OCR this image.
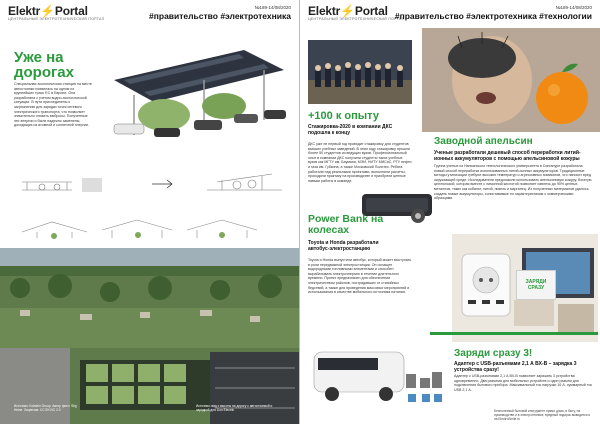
Elektr⚡Portal
ЦЕНТРАЛЬНЫЙ ЭЛЕКТРОТЕХНИЧЕСКИЙ ПОРТАЛ
№189-14/08/2020
#правительство #электротехника
Уже на дорогах
Специальная экологическая станция на месте автостоянки появилась на одном из крупнейших трасс ЕС в Европе. Она разработана с учетом водно-экологической ситуации. В пути присоединены к загрязнению для зарядки точек сетевого электрического транспорта, что позволяет значительно снизить выбросы. Полученные эти энергии и были надежно заменены, доходящих из атомной и солнечной энергии.
Источник: Kolstein Group. Автор фото: Stig Heine. Лицензия: CC BY-NC 2.0
Источник: вид с высоты на дорогу с автостоянкой и зарядкой для Lion Electric
Elektr⚡Portal
ЦЕНТРАЛЬНЫЙ ЭЛЕКТРОТЕХНИЧЕСКИЙ ПОРТАЛ
№189-14/08/2020
#правительство #электротехника #технологии
+100 к опыту
Стажировка-2020 в компании ДКС подошла к концу
ДКС уже не первый год проводит стажировку для студентов высших учебных заведений. В этом году стажировку прошли более 50 студентов из ведущих вузов. Профессиональный опыт в компании ДКС получили студенты таких учебных вузов как МГТУ им. Баумана, МЭИ, НИТУ МИСиС, РГУ нефти и газа им. Губкина, а также Московский Политех. Ребята работали над реальными проектами, выполняли расчеты, проходили практику на производстве и приобрели ценные навыки работы в команде.
Заводной апельсин
Ученые разработали дешевый способ переработки литий-ионных аккумуляторов с помощью апельсиновой кожуры
Группа ученых из Наньянского технологического университета в Сингапуре разработала новый способ переработки использованных литий-ионных аккумуляторов. Традиционные методы утилизации требуют высоких температур и агрессивных химикатов, что наносит вред окружающей среде. Исследователи предложили использовать апельсиновую кожуру, богатую целлюлозой, которая вместе с лимонной кислотой позволяет извлечь до 90% ценных металлов, таких как кобальт, литий, никель и марганец. Из полученных материалов удалось создать новые аккумуляторы, сопоставимые по характеристикам с коммерческими образцами.
Power Bank на колесах
Toyota и Honda разработали автобус-электростанцию
Toyota и Honda выпустили автобус, который может выступать в роли передвижной электростанции. Он оснащен водородными топливными элементами и способен вырабатывать электроэнергию в течение длительного времени. Проект предназначен для обеспечения электричеством районов, пострадавших от стихийных бедствий, а также для проведения массовых мероприятий и использования в качестве мобильного источника питания.
ЗАРЯДИ
СРАЗУ
Заряди сразу 3!
Адаптер с USB-разъемами 2,1 А ВХ-В – зарядка 3 устройства сразу!
Адаптер с USB-разъемами 2,1 А ВХ-В позволяет заряжать 3 устройства одновременно. Два разъема для мобильных устройств и один разъем для подключения бытового прибора. Максимальный ток нагрузки 16 А, суммарный ток USB 2,1 А.
Бесполезный бытовой инструмент прямо дома, в быту, на производстве и в электротехнике, вредный подарок выводится и на ElectroSmile.ru
